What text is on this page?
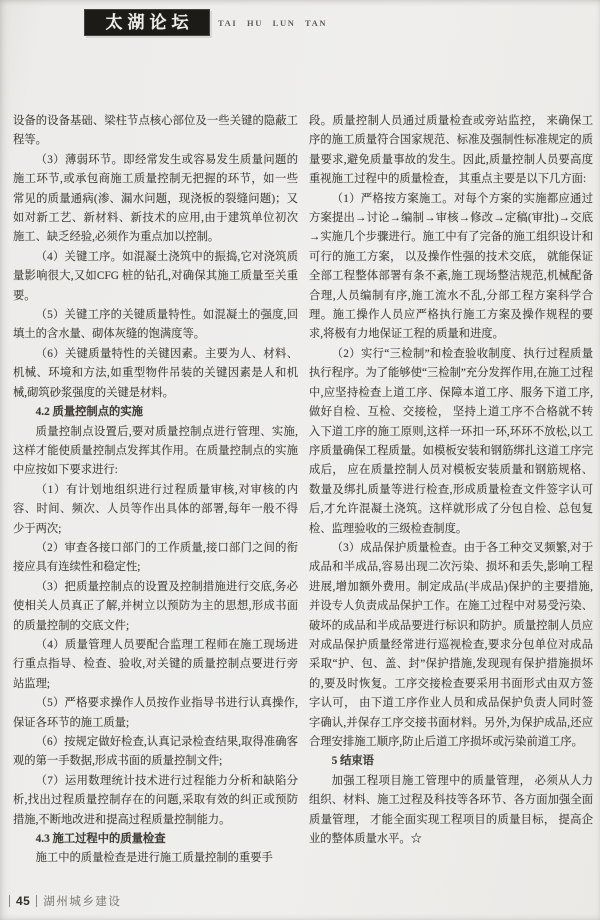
太湖论坛	TAI HU LUN TAN

设备的设备基础、梁柱节点核心部位及一些关键的隐蔽工程等。

（3）薄弱环节。即经常发生或容易发生质量问题的施工环节,或承包商施工质量控制无把握的环节，如一些常见的质量通病(渗、漏水问题，现浇板的裂缝问题)；又如对新工艺、新材料、新技术的应用,由于建筑单位初次施工、缺乏经验,必须作为重点加以控制。

（4）关键工序。如混凝土浇筑中的振捣,它对浇筑质量影响很大,又如CFG 桩的钻孔,对确保其施工质量至关重要。

（5）关键工序的关键质量特性。如混凝土的强度,回填土的含水量、砌体灰缝的饱满度等。

（6）关键质量特性的关键因素。主要为人、材料、机械、环境和方法,如重型物件吊装的关键因素是人和机械,砌筑砂浆强度的关键是材料。

4.2 质量控制点的实施

质量控制点设置后,要对质量控制点进行管理、实施,这样才能使质量控制点发挥其作用。在质量控制点的实施中应按如下要求进行:

（1）有计划地组织进行过程质量审核,对审核的内容、时间、频次、人员等作出具体的部署,每年一般不得少于两次;

（2）审查各接口部门的工作质量,接口部门之间的衔接应具有连续性和稳定性;

（3）把质量控制点的设置及控制措施进行交底,务必使相关人员真正了解,并树立以预防为主的思想,形成书面的质量控制的交底文件;

（4）质量管理人员要配合监理工程师在施工现场进行重点指导、检查、验收,对关键的质量控制点要进行旁站监理;

（5）严格要求操作人员按作业指导书进行认真操作,保证各环节的施工质量;

（6）按规定做好检查,认真记录检查结果,取得准确客观的第一手数据,形成书面的质量控制文件;

（7）运用数理统计技术进行过程能力分析和缺陷分析,找出过程质量控制存在的问题,采取有效的纠正或预防措施,不断地改进和提高过程质量控制能力。

4.3 施工过程中的质量检查

施工中的质量检查是进行施工质量控制的重要手

段。质量控制人员通过质量检查或旁站监控， 来确保工序的施工质量符合国家规范、标准及强制性标准规定的质量要求,避免质量事故的发生。因此,质量控制人员要高度重视施工过程中的质量检查， 其重点主要是以下几方面:

（1）严格按方案施工。对每个方案的实施都应通过方案提出→讨论→编制→审核→修改→定稿(审批)→交底→实施几个步骤进行。施工中有了完备的施工组织设计和可行的施工方案， 以及操作性强的技术交底， 就能保证全部工程整体部署有条不紊,施工现场整洁规范,机械配备合理,人员编制有序,施工流水不乱,分部工程方案科学合理。施工操作人员应严格执行施工方案及操作规程的要求,将极有力地保证工程的质量和进度。

（2）实行“三检制”和检查验收制度、执行过程质量执行程序。为了能够使“三检制”充分发挥作用,在施工过程中,应坚持检查上道工序、保障本道工序、服务下道工序,做好自检、互检、交接检， 坚持上道工序不合格就不转入下道工序的施工原则,这样一环扣一环,环环不放松,以工序质量确保工程质量。如模板安装和钢筋绑扎这道工序完成后， 应在质量控制人员对模板安装质量和钢筋规格、数量及绑扎质量等进行检查,形成质量检查文件签字认可后,才允许混凝土浇筑。这样就形成了分包自检、总包复检、监理验收的三级检查制度。

（3）成品保护质量检查。由于各工种交叉频繁,对于成品和半成品,容易出现二次污染、损坏和丢失,影响工程进展,增加额外费用。制定成品(半成品)保护的主要措施,并设专人负责成品保护工作。在施工过程中对易受污染、破坏的成品和半成品要进行标识和防护。质量控制人员应对成品保护质量经常进行巡视检查,要求分包单位对成品采取“护、包、盖、封”保护措施,发现现有保护措施损坏的,要及时恢复。工序交接检查要采用书面形式由双方签字认可， 由下道工序作业人员和成品保护负责人同时签字确认,并保存工序交接书面材料。另外,为保护成品,还应合理安排施工顺序,防止后道工序损坏或污染前道工序。

5 结束语

加强工程项目施工管理中的质量管理， 必须从人力组织、材料、施工过程及科技等各环节、各方面加强全面质量管理， 才能全面实现工程项目的质量目标， 提高企业的整体质量水平。☆

45 湖州城乡建设
